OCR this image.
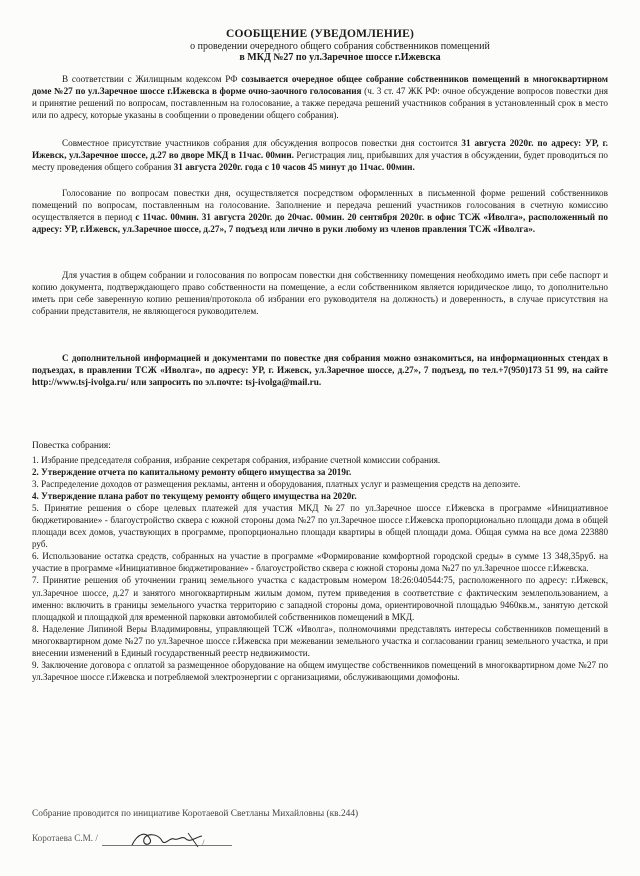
СООБЩЕНИЕ (УВЕДОМЛЕНИЕ)
о проведении очередного общего собрания собственников помещений
в МКД №27 по ул.Заречное шоссе г.Ижевска

В соответствии с Жилищным кодексом РФ созывается очередное общее собрание собственников помещений в многоквартирном доме №27 по ул.Заречное шоссе г.Ижевска в форме очно-заочного голосования (ч. 3 ст. 47 ЖК РФ: очное обсуждение вопросов повестки дня и принятие решений по вопросам, поставленным на голосование, а также передача решений участников собрания в установленный срок в место или по адресу, которые указаны в сообщении о проведении общего собрания).

Совместное присутствие участников собрания для обсуждения вопросов повестки дня состоится 31 августа 2020г. по адресу: УР, г. Ижевск, ул.Заречное шоссе, д.27 во дворе МКД в 11час. 00мин. Регистрация лиц, прибывших для участия в обсуждении, будет проводиться по месту проведения общего собрания 31 августа 2020г. года с 10 часов 45 минут до 11час. 00мин.

Голосование по вопросам повестки дня, осуществляется посредством оформленных в письменной форме решений собственников помещений по вопросам, поставленным на голосование. Заполнение и передача решений участников голосования в счетную комиссию осуществляется в период с 11час. 00мин. 31 августа 2020г. до 20час. 00мин. 20 сентября 2020г. в офис ТСЖ «Иволга», расположенный по адресу: УР, г.Ижевск, ул.Заречное шоссе, д.27», 7 подъезд или лично в руки любому из членов правления ТСЖ «Иволга».

Для участия в общем собрании и голосования по вопросам повестки дня собственнику помещения необходимо иметь при себе паспорт и копию документа, подтверждающего право собственности на помещение, а если собственником является юридическое лицо, то дополнительно иметь при себе заверенную копию решения/протокола об избрании его руководителя на должность) и доверенность, в случае присутствия на собрании представителя, не являющегося руководителем.

С дополнительной информацией и документами по повестке дня собрания можно ознакомиться, на информационных стендах в подъездах, в правлении ТСЖ «Иволга», по адресу: УР, г. Ижевск, ул.Заречное шоссе, д.27», 7 подъезд, по тел.+7(950)173 51 99, на сайте http://www.tsj-ivolga.ru/ или запросить по эл.почте: tsj-ivolga@mail.ru.

Повестка собрания:

1. Избрание председателя собрания, избрание секретаря собрания, избрание счетной комиссии собрания.

2. Утверждение отчета по капитальному ремонту общего имущества за 2019г.

3. Распределение доходов от размещения рекламы, антенн и оборудования, платных услуг и размещения средств на депозите.

4. Утверждение плана работ по текущему ремонту общего имущества на 2020г.

5. Принятие решения о сборе целевых платежей для участия МКД №27 по ул.Заречное шоссе г.Ижевска в программе «Инициативное бюджетирование» - благоустройство сквера с южной стороны дома №27 по ул.Заречное шоссе г.Ижевска пропорционально площади дома в общей площади всех домов, участвующих в программе, пропорционально площади квартиры в общей площади дома. Общая сумма на все дома 223880 руб.

6. Использование остатка средств, собранных на участие в программе «Формирование комфортной городской среды» в сумме 13 348,35руб. на участие в программе «Инициативное бюджетирование» - благоустройство сквера с южной стороны дома №27 по ул.Заречное шоссе г.Ижевска.

7. Принятие решения об уточнении границ земельного участка с кадастровым номером 18:26:040544:75, расположенного по адресу: г.Ижевск, ул.Заречное шоссе, д.27 и занятого многоквартирным жилым домом, путем приведения в соответствие с фактическим землепользованием, а именно: включить в границы земельного участка территорию с западной стороны дома, ориентировочной площадью 9460кв.м., занятую детской площадкой и площадкой для временной парковки автомобилей собственников помещений в МКД.

8. Наделение Липиной Веры Владимировны, управляющей ТСЖ «Иволга», полномочиями представлять интересы собственников помещений в многоквартирном доме №27 по ул.Заречное шоссе г.Ижевска при межевании земельного участка и согласовании границ земельного участка, и при внесении изменений в Единый государственный реестр недвижимости.

9. Заключение договора с оплатой за размещенное оборудование на общем имуществе собственников помещений в многоквартирном доме №27 по ул.Заречное шоссе г.Ижевска и потребляемой электроэнергии с организациями, обслуживающими домофоны.

Собрание проводится по инициативе Коротаевой Светланы Михайловны (кв.244)
Коротаева С.М. /	/
